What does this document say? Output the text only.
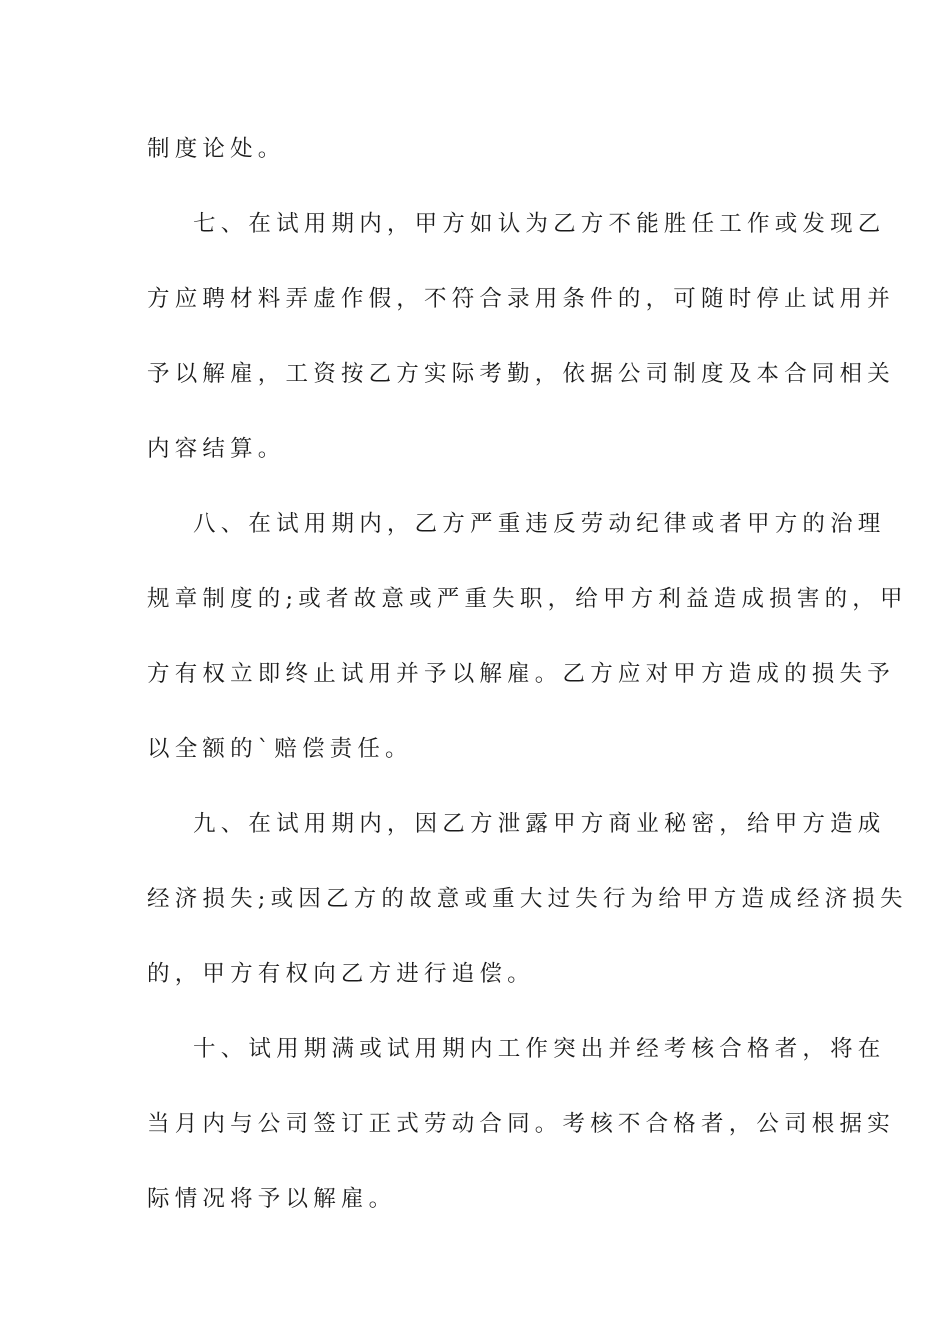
制度论处。
七、在试用期内，甲方如认为乙方不能胜任工作或发现乙
方应聘材料弄虚作假，不符合录用条件的，可随时停止试用并
予以解雇，工资按乙方实际考勤，依据公司制度及本合同相关
内容结算。
八、在试用期内，乙方严重违反劳动纪律或者甲方的治理
规章制度的;或者故意或严重失职，给甲方利益造成损害的，甲
方有权立即终止试用并予以解雇。乙方应对甲方造成的损失予
以全额的`赔偿责任。
九、在试用期内，因乙方泄露甲方商业秘密，给甲方造成
经济损失;或因乙方的故意或重大过失行为给甲方造成经济损失
的，甲方有权向乙方进行追偿。
十、试用期满或试用期内工作突出并经考核合格者，将在
当月内与公司签订正式劳动合同。考核不合格者，公司根据实
际情况将予以解雇。
